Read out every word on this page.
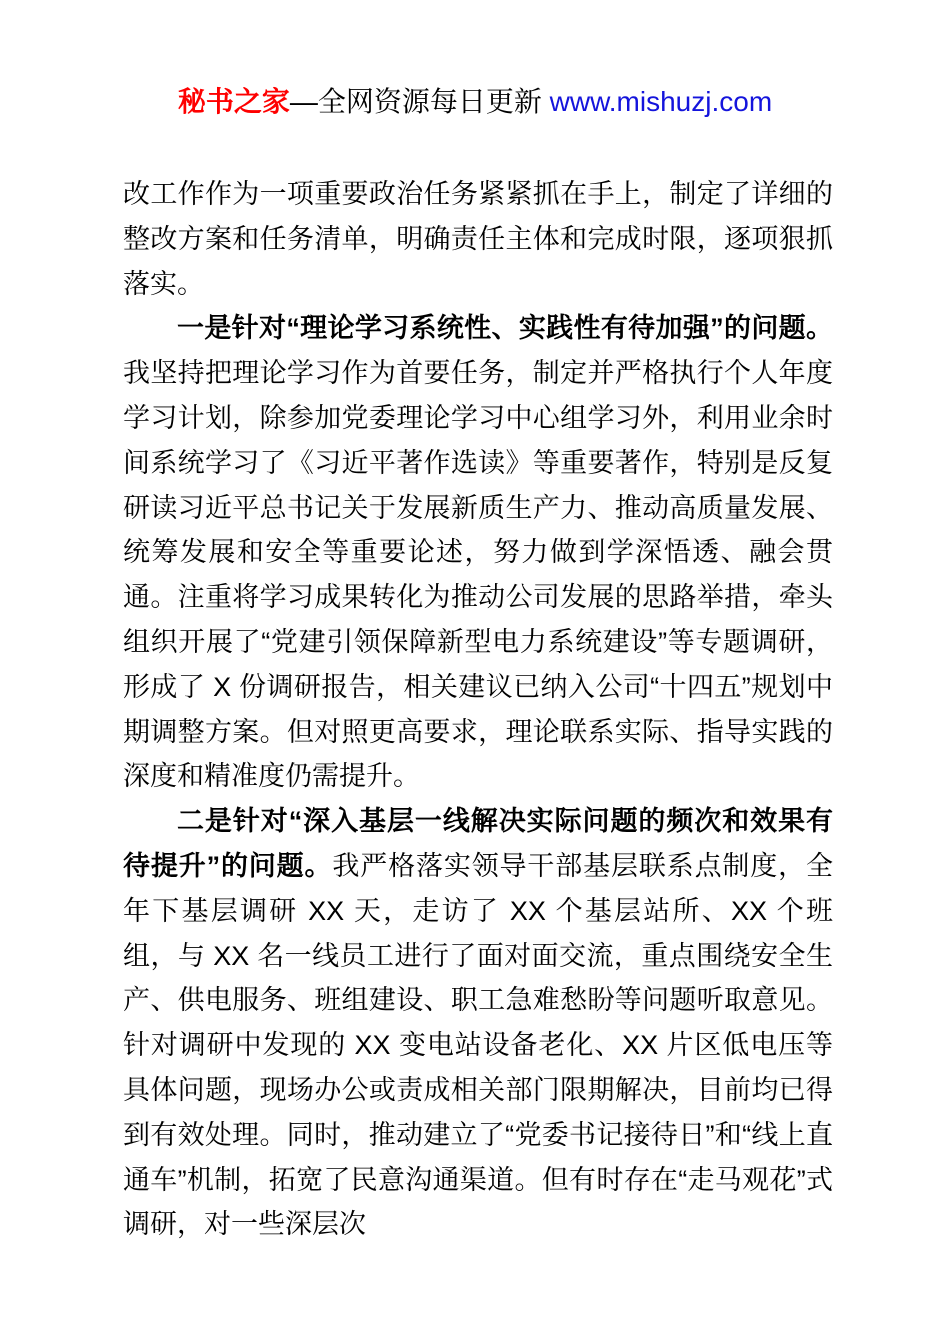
秘书之家—全网资源每日更新 www.mishuzj.com

改工作作为一项重要政治任务紧紧抓在手上，制定了详细的整改方案和任务清单，明确责任主体和完成时限，逐项狠抓落实。

一是针对“理论学习系统性、实践性有待加强”的问题。我坚持把理论学习作为首要任务，制定并严格执行个人年度学习计划，除参加党委理论学习中心组学习外，利用业余时间系统学习了《习近平著作选读》等重要著作，特别是反复研读习近平总书记关于发展新质生产力、推动高质量发展、统筹发展和安全等重要论述，努力做到学深悟透、融会贯通。注重将学习成果转化为推动公司发展的思路举措，牵头组织开展了“党建引领保障新型电力系统建设”等专题调研，形成了 X 份调研报告，相关建议已纳入公司“十四五”规划中期调整方案。但对照更高要求，理论联系实际、指导实践的深度和精准度仍需提升。

二是针对“深入基层一线解决实际问题的频次和效果有待提升”的问题。我严格落实领导干部基层联系点制度，全年下基层调研 XX 天，走访了 XX 个基层站所、XX 个班组，与 XX 名一线员工进行了面对面交流，重点围绕安全生产、供电服务、班组建设、职工急难愁盼等问题听取意见。针对调研中发现的 XX 变电站设备老化、XX 片区低电压等具体问题，现场办公或责成相关部门限期解决，目前均已得到有效处理。同时，推动建立了“党委书记接待日”和“线上直通车”机制，拓宽了民意沟通渠道。但有时存在“走马观花”式调研，对一些深层次
